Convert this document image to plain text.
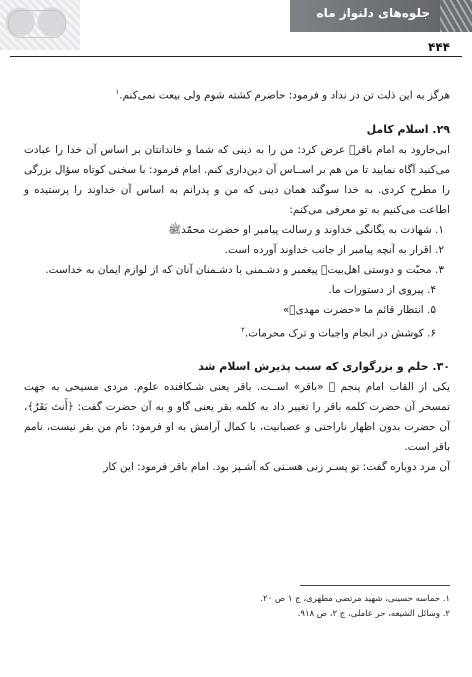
جلوه‌های دلنواز ماه
۴۴۴

هرگز به این ذلت تن در نداد و فرمود: حاضرم کشته شوم ولی بیعت نمی‌کنم.$^۱$

۲۹. اسلام کامل

ابی‌جارود به امام باقر﷤ عرض کرد: من را به دینی که شما و خاندانتان بر اساس آن خدا را عبادت می‌کنید آگاه نمایید تا من هم بر اســاس آن دین‌داری کنم. امام فرمود: با سخنی کوتاه سؤال بزرگی را مطرح کردی. به خدا سوگند همان دینی که من و پدرانم به اساس آن خداوند را پرستیده و اطاعت می‌کنیم به تو معرفی می‌کنم:

۱. شهادت به یگانگی خداوند و رسالت پیامبر او حضرت محمّدﷺ

۲. اقرار به آنچه پیامبر از جانب خداوند آورده است.

۳. محبّت و دوستی اهل‌بیت﷨ پیغمبر و دشـمنی با دشـمنان آنان که از لوازم ایمان به خداست.

۴. پیروی از دستورات ما.

۵. انتظار قائم ما «حضرت مهدی﷠»

۶. کوشش در انجام واجبات و ترک محرمات.$^۲$

۳۰. حلم و بزرگواری که سبب پذیرش اسلام شد

یکی از القاب امام پنجم ﷤ «باقر» اســت. باقر یعنی شـکافنده علوم. مردی مسیحی به جهت تمسخر آن حضرت کلمه باقر را تغییر داد به کلمه بقر یعنی گاو و به آن حضرت گفت: ﴿أَنتَ بَقَرٌ﴾، آن حضرت بدون اظهار ناراحتی و عصبانیت، با کمال آرامش به او فرمود: نام من بقر نیست، نامم باقر است.

آن مرد دوباره گفت: تو پسـر زنی هسـتی که آشـپز بود. امام باقر فرمود: این کار

۱. حماسه حسینی، شهید مرتضی مطهری، ج ۱ ص ۲۰.
۲. وسائل الشیعه، حر عاملی، ج ۲، ص ۹۱۸.
